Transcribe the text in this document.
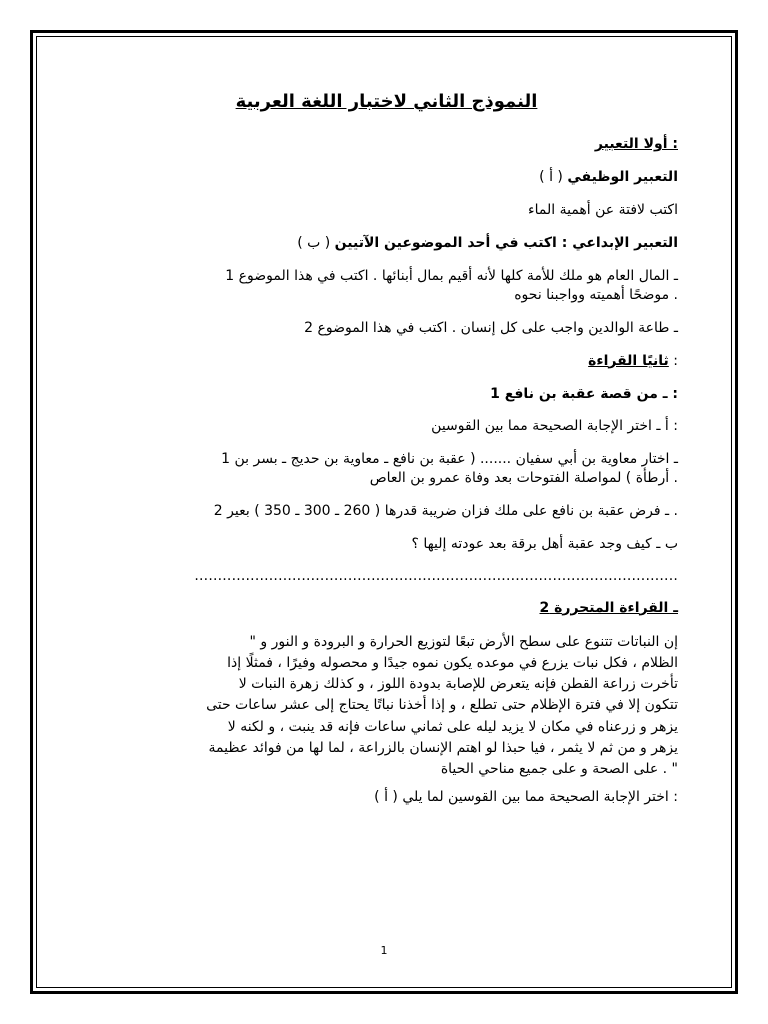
النموذج الثاني لاختبار اللغة العربية
: أولا التعبير
التعبير الوظيفي ( أ )
اكتب لافتة عن أهمية الماء
التعبير الإبداعي : اكتب في أحد الموضوعين الآتيين ( ب )
ـ المال العام هو ملك للأمة كلها لأنه أقيم بمال أبنائها . اكتب في هذا الموضوع 1
. موضحًا أهميته وواجبنا نحوه
ـ طاعة الوالدين واجب على كل إنسان . اكتب في هذا الموضوع 2
: ثانيًا القراءة
: ـ من قصة عقبة بن نافع 1
: أ ـ اختر الإجابة الصحيحة مما بين القوسين
ـ اختار معاوية بن أبي سفيان ....... ( عقبة بن نافع ـ معاوية بن حديج ـ بسر بن 1
. أرطأة ) لمواصلة الفتوحات بعد وفاة عمرو بن العاص
. ـ فرض عقبة بن نافع على ملك فزان ضريبة قدرها ( 260 ـ 300 ـ 350 ) بعير 2
ب ـ كيف وجد عقبة أهل برقة بعد عودته إليها ؟
........................................................................................................
ـ القراءة المتحررة 2
إن النباتات تتنوع على سطح الأرض تبعًا لتوزيع الحرارة و البرودة و النور و "
الظلام ، فكل نبات يزرع في موعده يكون نموه جيدًا و محصوله وفيرًا ، فمثلًا إذا
تأخرت زراعة القطن فإنه يتعرض للإصابة بدودة اللوز ، و كذلك زهرة النبات لا
تتكون إلا في فترة الإظلام حتى تطلع ، و إذا أخذنا نباتًا يحتاج إلى عشر ساعات حتى
يزهر و زرعناه في مكان لا يزيد ليله على ثماني ساعات فإنه قد ينبت ، و لكنه لا
يزهر و من ثم لا يثمر ، فيا حبذا لو اهتم الإنسان بالزراعة ، لما لها من فوائد عظيمة
" . على الصحة و على جميع مناحي الحياة
: اختر الإجابة الصحيحة مما بين القوسين لما يلي ( أ )
1
